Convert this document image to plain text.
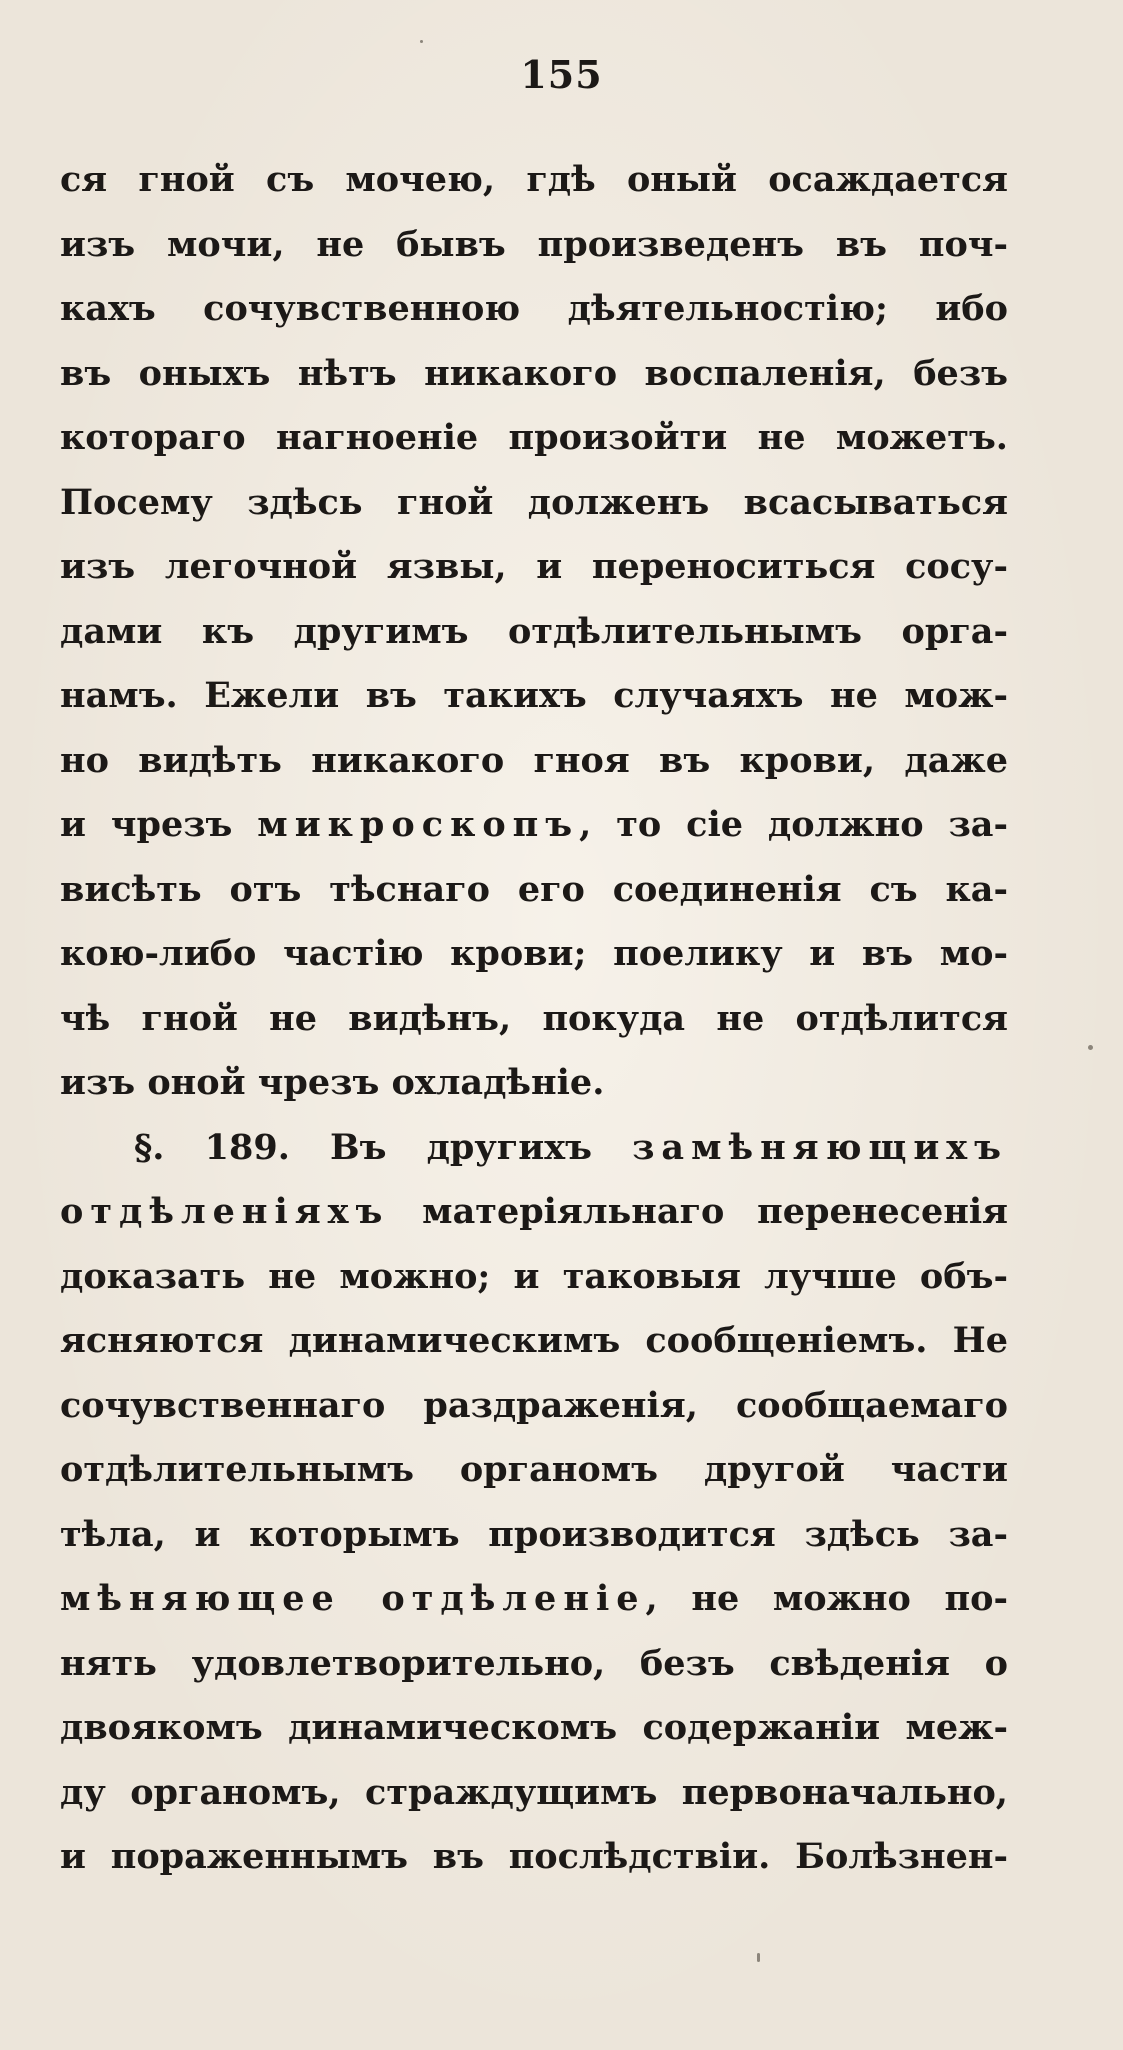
155
ся гной съ мочею, гдѣ оный осаждается
изъ мочи, не бывъ произведенъ въ поч-
кахъ сочувственною дѣятельностію; ибо
въ оныхъ нѣтъ никакого воспаленія, безъ
котораго нагноеніе произойти не можетъ.
Посему здѣсь гной долженъ всасываться
изъ легочной язвы, и переноситься сосу-
дами къ другимъ отдѣлительнымъ орга-
намъ. Ежели въ такихъ случаяхъ не мож-
но видѣть никакого гноя въ крови, даже
и чрезъ микроскопъ, то сіе должно за-
висѣть отъ тѣснаго его соединенія съ ка-
кою-либо частію крови; поелику и въ мо-
чѣ гной не видѣнъ, покуда не отдѣлится
изъ оной чрезъ охладѣніе.
§. 189. Въ другихъ замѣняющихъ
отдѣленіяхъ матеріяльнаго перенесенія
доказать не можно; и таковыя лучше объ-
ясняются динамическимъ сообщеніемъ. Не
сочувственнаго раздраженія, сообщаемаго
отдѣлительнымъ органомъ другой части
тѣла, и которымъ производится здѣсь за-
мѣняющее отдѣленіе, не можно по-
нять удовлетворительно, безъ свѣденія о
двоякомъ динамическомъ содержаніи меж-
ду органомъ, страждущимъ первоначально,
и пораженнымъ въ послѣдствіи. Болѣзнен-
